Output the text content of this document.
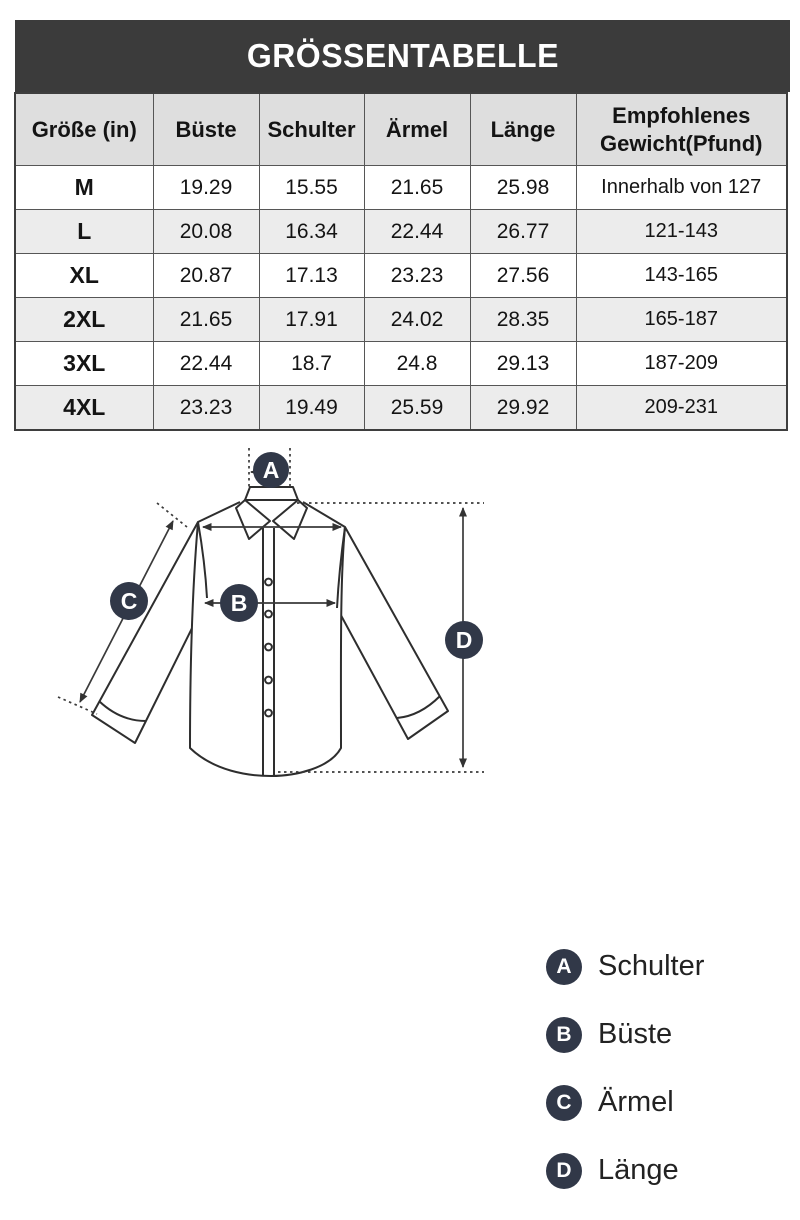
GRÖSSENTABELLE
Größe (in)	Büste	Schulter	Ärmel	Länge	Empfohlenes Gewicht(Pfund)
M	19.29	15.55	21.65	25.98	Innerhalb von 127
L	20.08	16.34	22.44	26.77	121-143
XL	20.87	17.13	23.23	27.56	143-165
2XL	21.65	17.91	24.02	28.35	165-187
3XL	22.44	18.7	24.8	29.13	187-209
4XL	23.23	19.49	25.59	29.92	209-231
A
B
C
D
A Schulter
B Büste
C Ärmel
D Länge
